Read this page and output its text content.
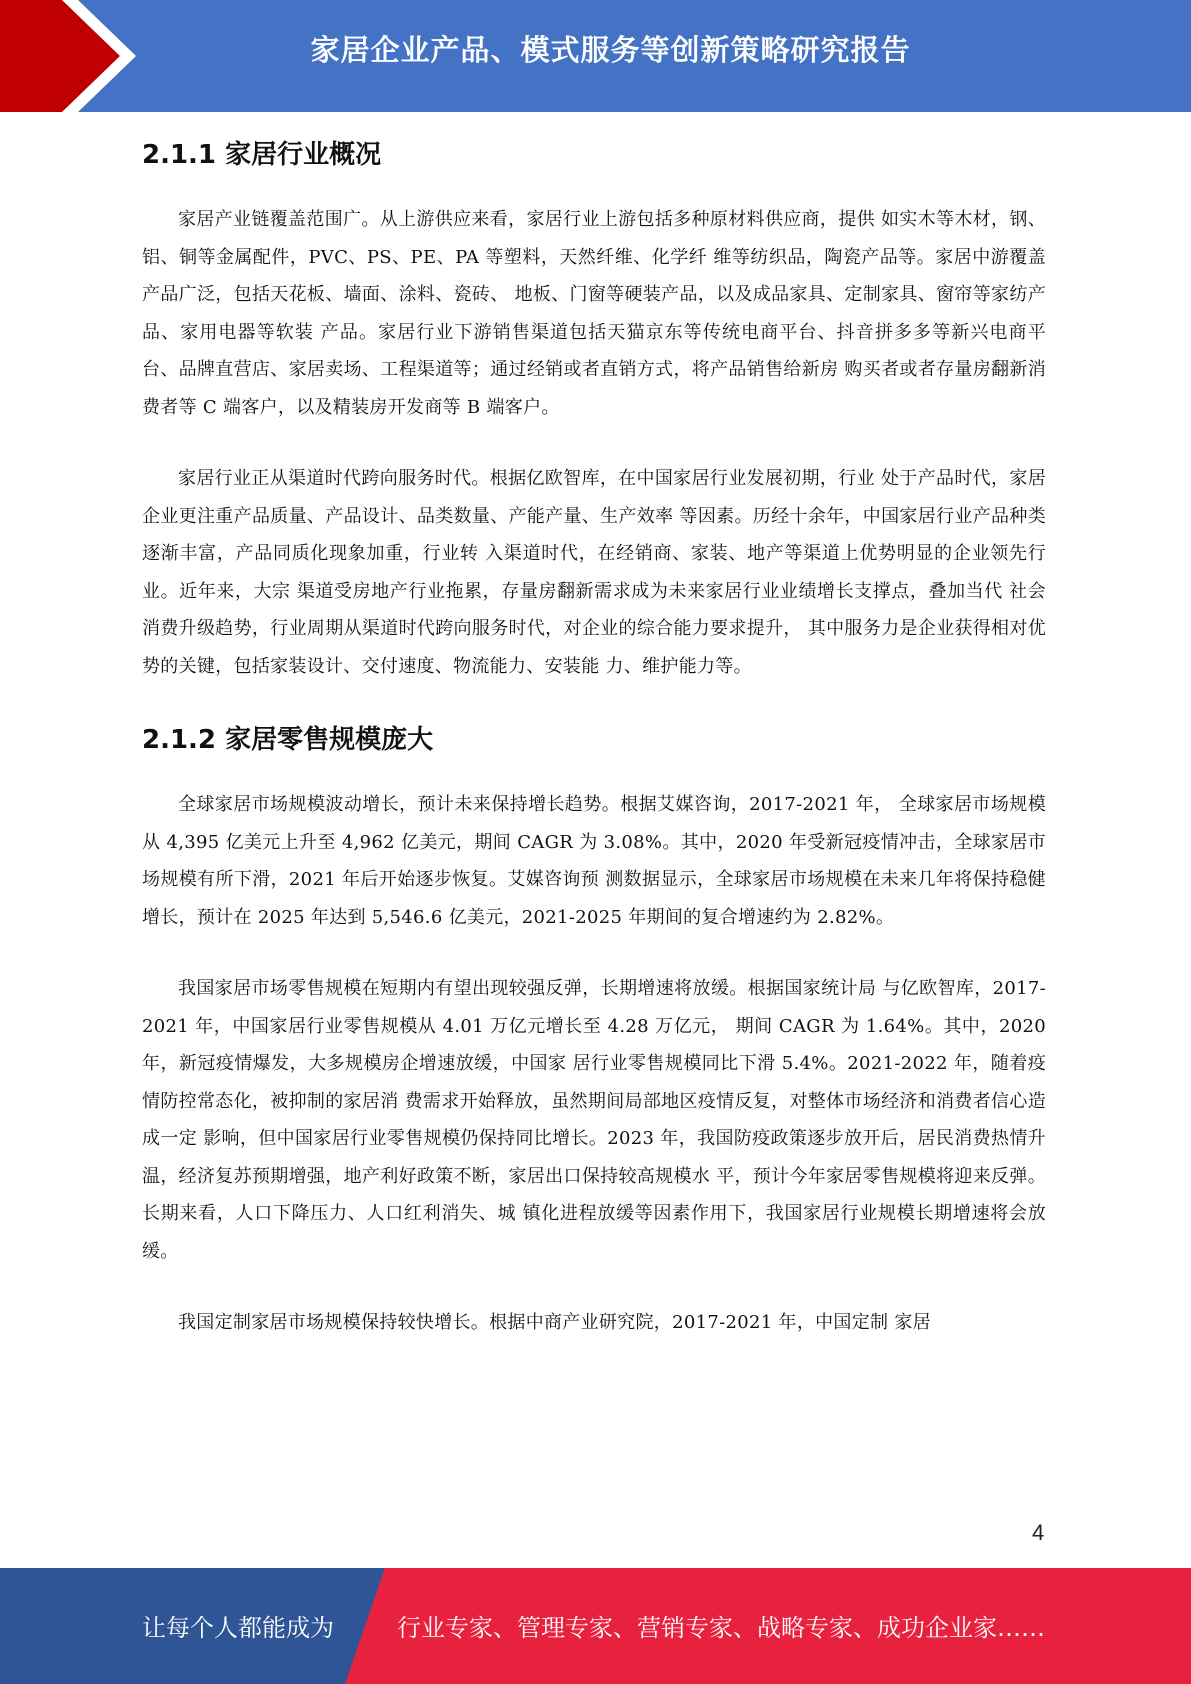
家居企业产品、模式服务等创新策略研究报告
2.1.1 家居行业概况

家居产业链覆盖范围广。从上游供应来看，家居行业上游包括多种原材料供应商，提供 如实木等木材，钢、铝、铜等金属配件，PVC、PS、PE、PA 等塑料，天然纤维、化学纤 维等纺织品，陶瓷产品等。家居中游覆盖产品广泛，包括天花板、墙面、涂料、瓷砖、 地板、门窗等硬装产品，以及成品家具、定制家具、窗帘等家纺产品、家用电器等软装 产品。家居行业下游销售渠道包括天猫京东等传统电商平台、抖音拼多多等新兴电商平 台、品牌直营店、家居卖场、工程渠道等；通过经销或者直销方式，将产品销售给新房 购买者或者存量房翻新消费者等 C 端客户，以及精装房开发商等 B 端客户。

家居行业正从渠道时代跨向服务时代。根据亿欧智库，在中国家居行业发展初期，行业 处于产品时代，家居企业更注重产品质量、产品设计、品类数量、产能产量、生产效率 等因素。历经十余年，中国家居行业产品种类逐渐丰富，产品同质化现象加重，行业转 入渠道时代，在经销商、家装、地产等渠道上优势明显的企业领先行业。近年来，大宗 渠道受房地产行业拖累，存量房翻新需求成为未来家居行业业绩增长支撑点，叠加当代 社会消费升级趋势，行业周期从渠道时代跨向服务时代，对企业的综合能力要求提升， 其中服务力是企业获得相对优势的关键，包括家装设计、交付速度、物流能力、安装能 力、维护能力等。

2.1.2 家居零售规模庞大

全球家居市场规模波动增长，预计未来保持增长趋势。根据艾媒咨询，2017-2021 年， 全球家居市场规模从 4,395 亿美元上升至 4,962 亿美元，期间 CAGR 为 3.08%。其中，2020 年受新冠疫情冲击，全球家居市场规模有所下滑，2021 年后开始逐步恢复。艾媒咨询预 测数据显示，全球家居市场规模在未来几年将保持稳健增长，预计在 2025 年达到 5,546.6 亿美元，2021-2025 年期间的复合增速约为 2.82%。

我国家居市场零售规模在短期内有望出现较强反弹，长期增速将放缓。根据国家统计局 与亿欧智库，2017-2021 年，中国家居行业零售规模从 4.01 万亿元增长至 4.28 万亿元， 期间 CAGR 为 1.64%。其中，2020 年，新冠疫情爆发，大多规模房企增速放缓，中国家 居行业零售规模同比下滑 5.4%。2021-2022 年，随着疫情防控常态化，被抑制的家居消 费需求开始释放，虽然期间局部地区疫情反复，对整体市场经济和消费者信心造成一定 影响，但中国家居行业零售规模仍保持同比增长。2023 年，我国防疫政策逐步放开后，居民消费热情升温，经济复苏预期增强，地产利好政策不断，家居出口保持较高规模水 平，预计今年家居零售规模将迎来反弹。长期来看，人口下降压力、人口红利消失、城 镇化进程放缓等因素作用下，我国家居行业规模长期增速将会放缓。

我国定制家居市场规模保持较快增长。根据中商产业研究院，2017-2021 年，中国定制 家居

4
让每个人都能成为	行业专家、管理专家、营销专家、战略专家、成功企业家……
